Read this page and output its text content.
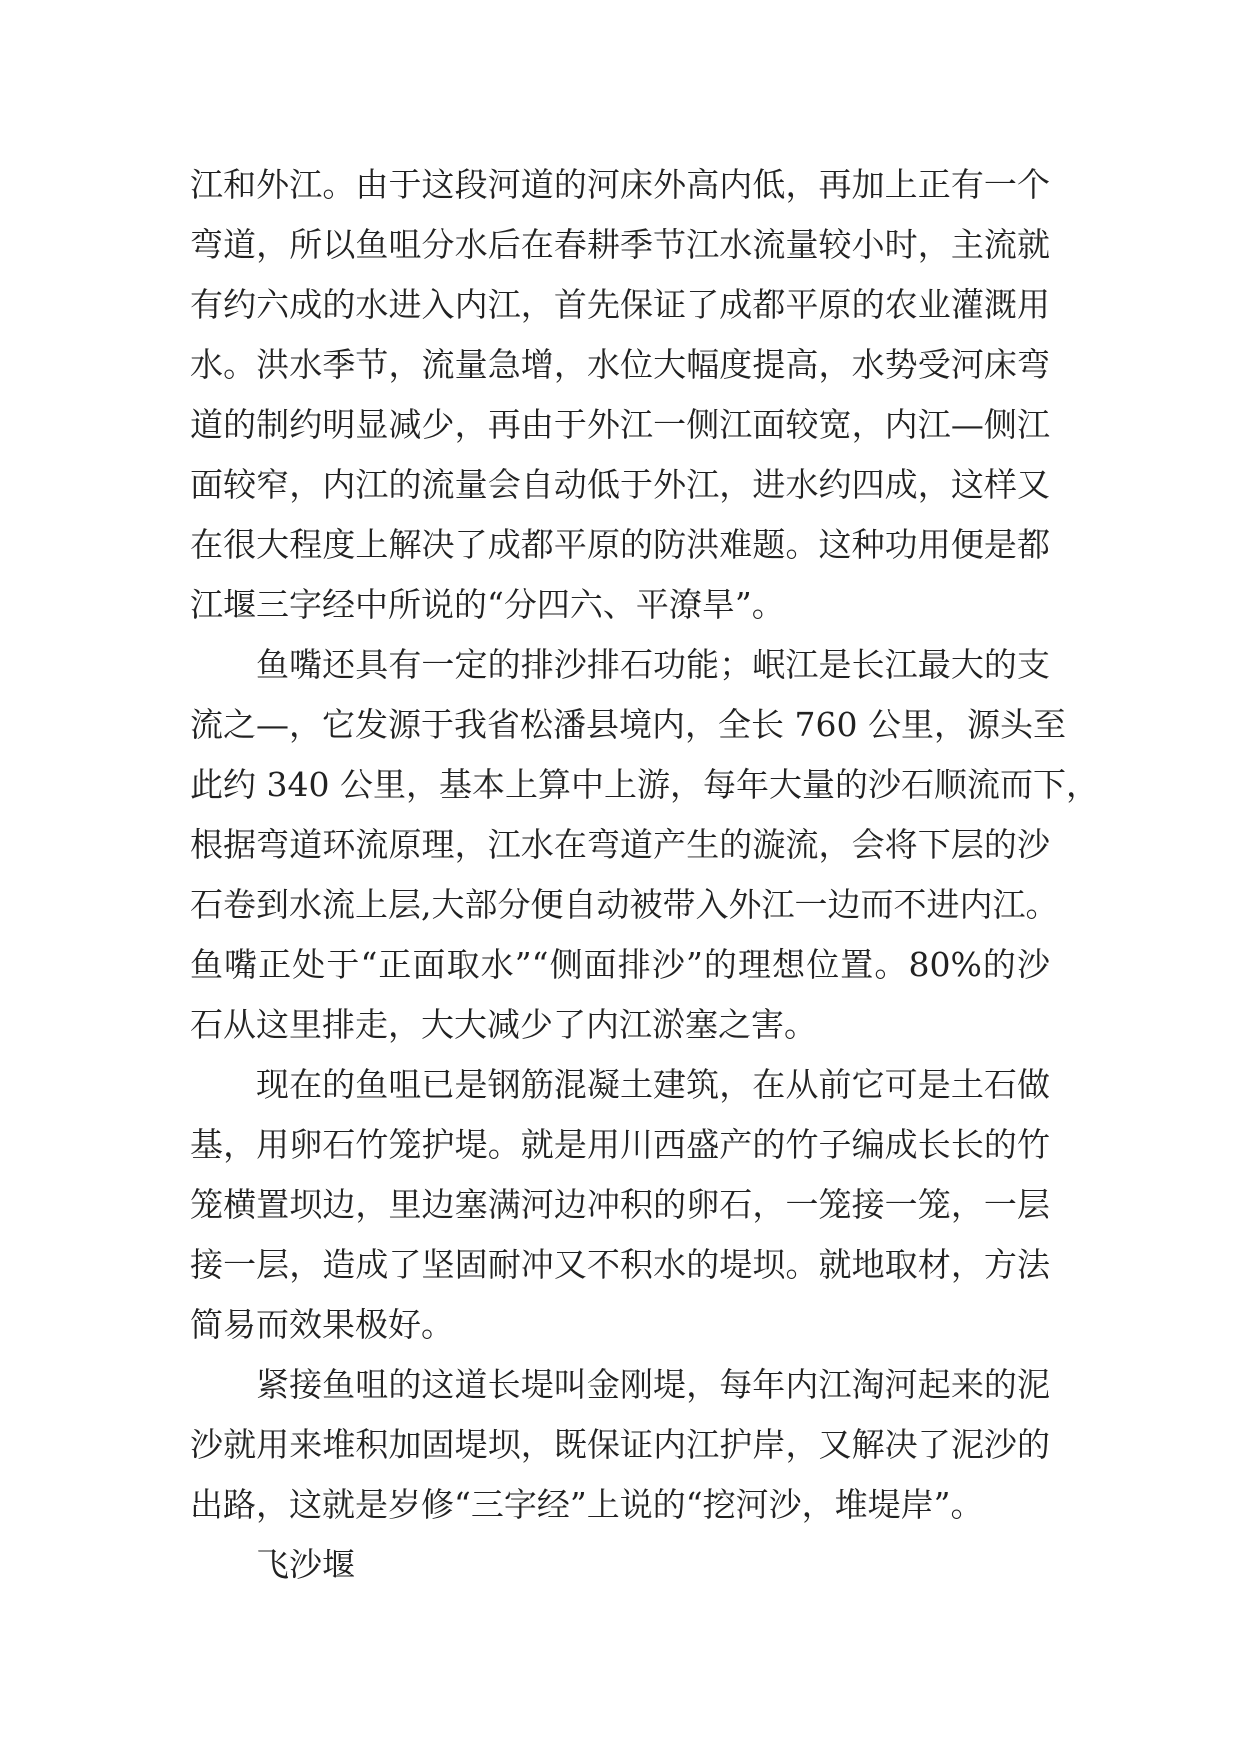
江和外江。由于这段河道的河床外高内低，再加上正有一个
弯道，所以鱼咀分水后在春耕季节江水流量较小时，主流就
有约六成的水进入内江，首先保证了成都平原的农业灌溉用
水。洪水季节，流量急增，水位大幅度提高，水势受河床弯
道的制约明显减少，再由于外江一侧江面较宽，内江—侧江
面较窄，内江的流量会自动低于外江，进水约四成，这样又
在很大程度上解决了成都平原的防洪难题。这种功用便是都
江堰三字经中所说的“分四六、平潦旱”。
鱼嘴还具有一定的排沙排石功能；岷江是长江最大的支
流之—，它发源于我省松潘县境内，全长 760 公里，源头至
此约 340 公里，基本上算中上游，每年大量的沙石顺流而下，
根据弯道环流原理，江水在弯道产生的漩流，会将下层的沙
石卷到水流上层,大部分便自动被带入外江一边而不进内江。
鱼嘴正处于“正面取水”“侧面排沙”的理想位置。80%的沙
石从这里排走，大大减少了内江淤塞之害。
现在的鱼咀已是钢筋混凝土建筑，在从前它可是土石做
基，用卵石竹笼护堤。就是用川西盛产的竹子编成长长的竹
笼横置坝边，里边塞满河边冲积的卵石，一笼接一笼，一层
接一层，造成了坚固耐冲又不积水的堤坝。就地取材，方法
简易而效果极好。
紧接鱼咀的这道长堤叫金刚堤，每年内江淘河起来的泥
沙就用来堆积加固堤坝，既保证内江护岸，又解决了泥沙的
出路，这就是岁修“三字经”上说的“挖河沙，堆堤岸”。
飞沙堰
